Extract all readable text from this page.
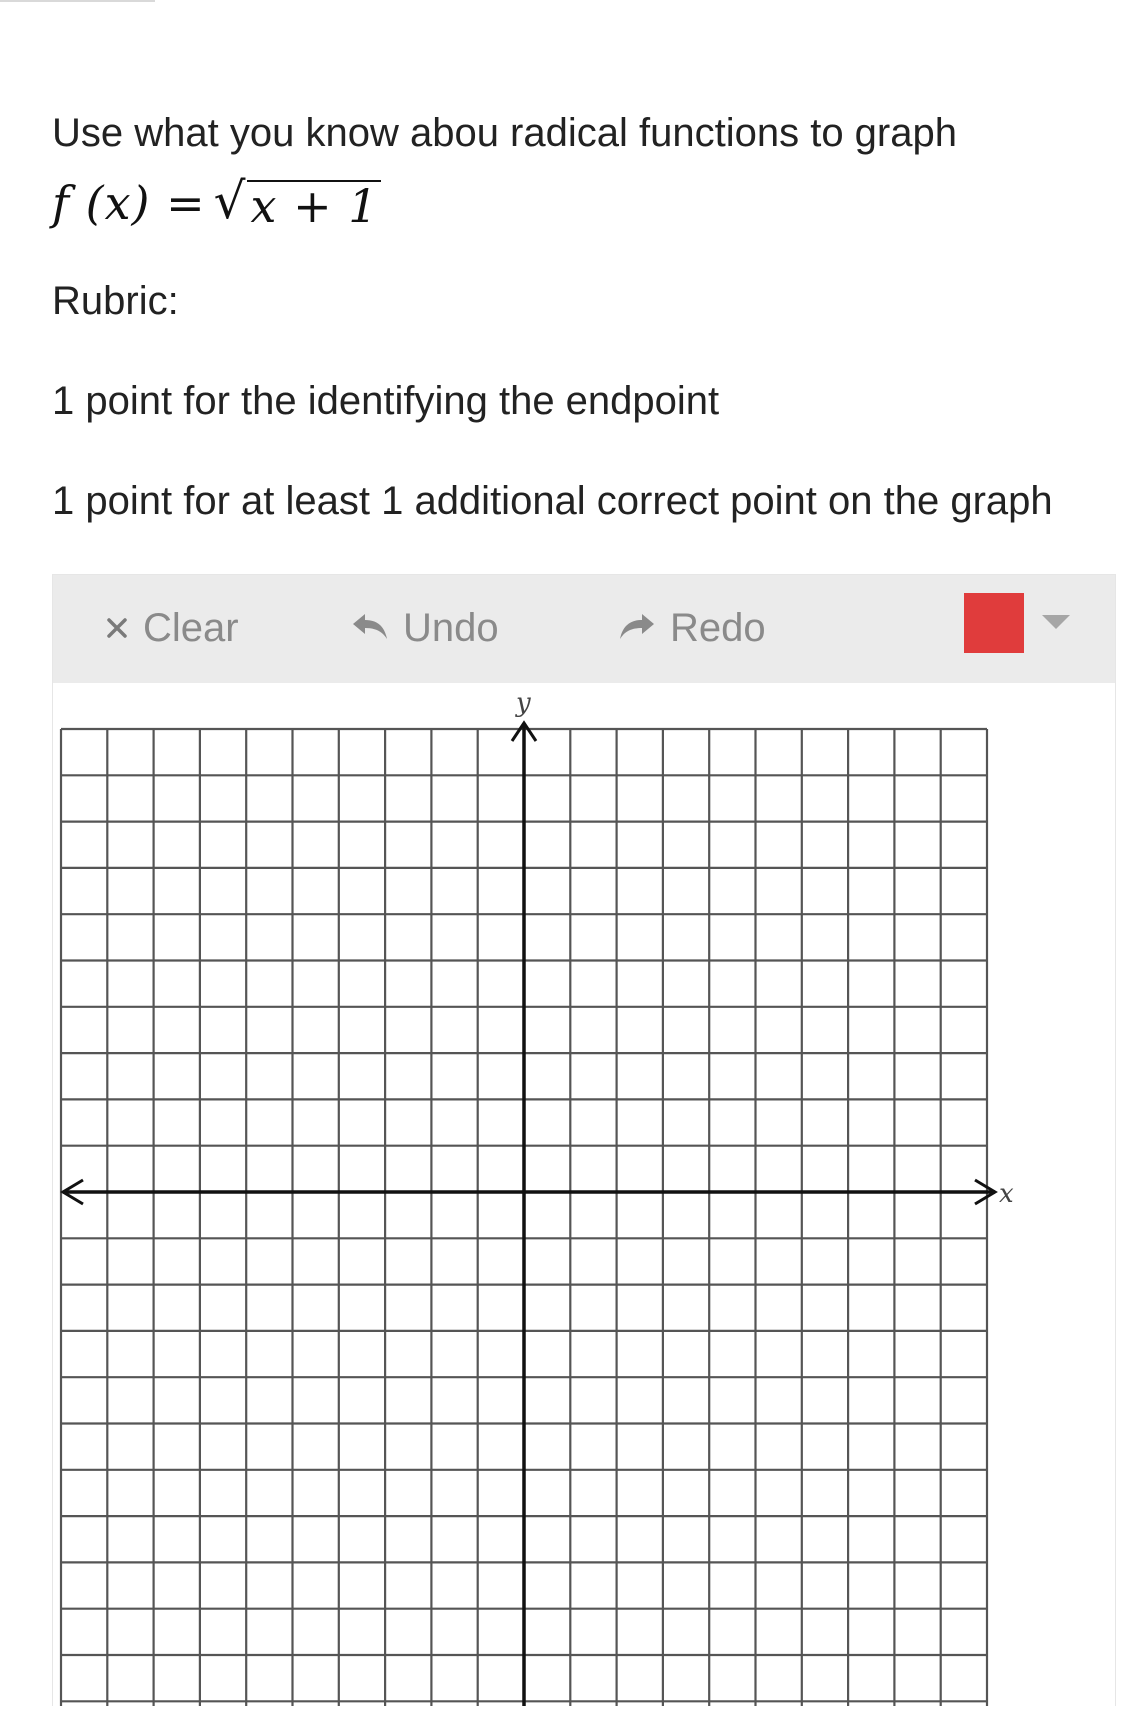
Use what you know abou radical functions to graph

f (x) = √ x + 1

Rubric:

1 point for the identifying the endpoint

1 point for at least 1 additional correct point on the graph

Clear	Undo	Redo
x
y
